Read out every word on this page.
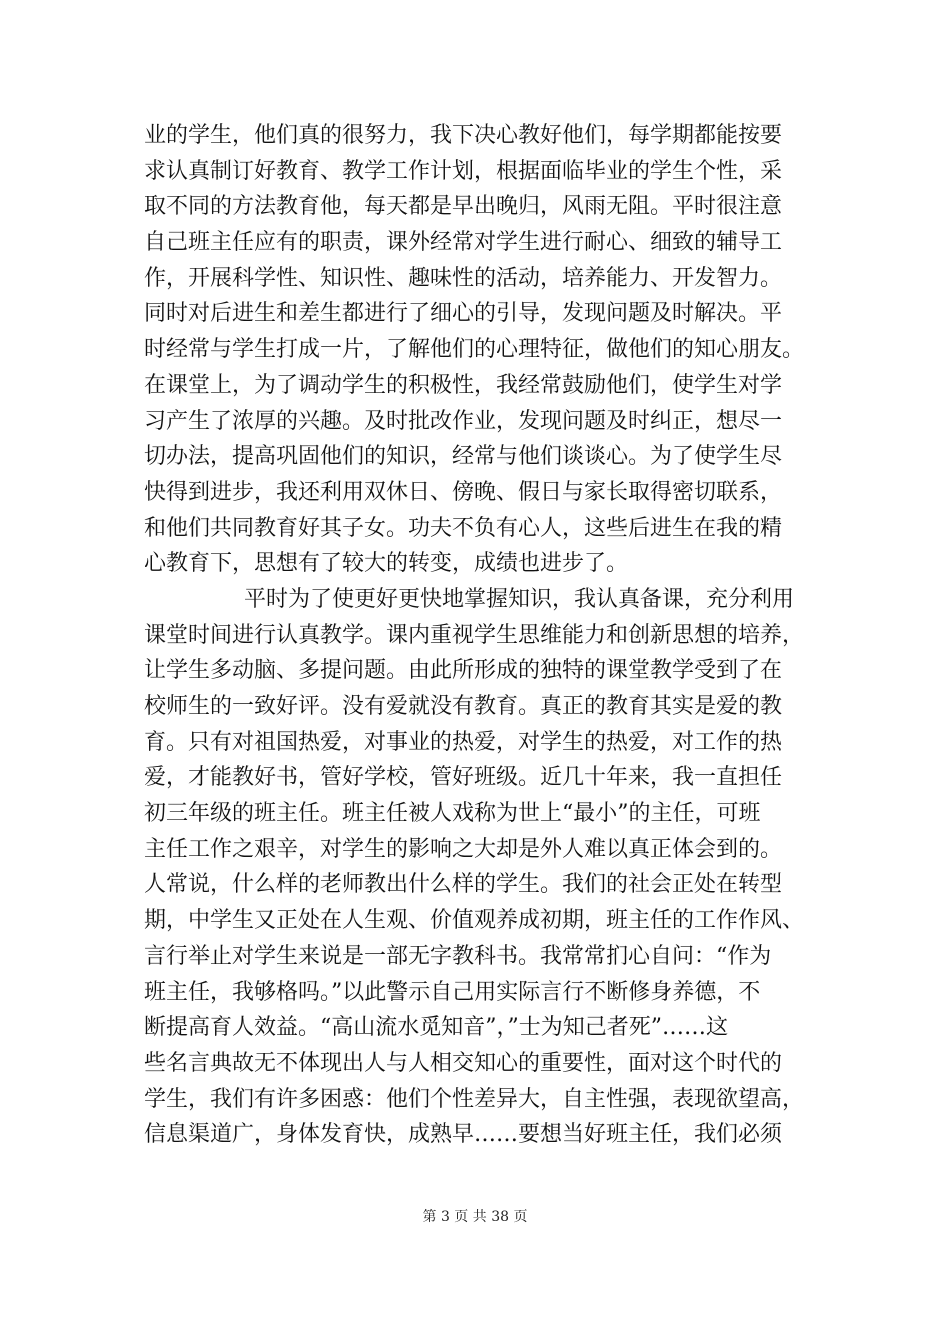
业的学生，他们真的很努力，我下决心教好他们，每学期都能按要
求认真制订好教育、教学工作计划，根据面临毕业的学生个性，采
取不同的方法教育他，每天都是早出晚归，风雨无阻。平时很注意
自己班主任应有的职责，课外经常对学生进行耐心、细致的辅导工
作，开展科学性、知识性、趣味性的活动，培养能力、开发智力。
同时对后进生和差生都进行了细心的引导，发现问题及时解决。平
时经常与学生打成一片，了解他们的心理特征，做他们的知心朋友。
在课堂上，为了调动学生的积极性，我经常鼓励他们，使学生对学
习产生了浓厚的兴趣。及时批改作业，发现问题及时纠正，想尽一
切办法，提高巩固他们的知识，经常与他们谈谈心。为了使学生尽
快得到进步，我还利用双休日、傍晚、假日与家长取得密切联系，
和他们共同教育好其子女。功夫不负有心人，这些后进生在我的精
心教育下，思想有了较大的转变，成绩也进步了。
平时为了使更好更快地掌握知识，我认真备课，充分利用
课堂时间进行认真教学。课内重视学生思维能力和创新思想的培养，
让学生多动脑、多提问题。由此所形成的独特的课堂教学受到了在
校师生的一致好评。没有爱就没有教育。真正的教育其实是爱的教
育。只有对祖国热爱，对事业的热爱，对学生的热爱，对工作的热
爱，才能教好书，管好学校，管好班级。近几十年来，我一直担任
初三年级的班主任。班主任被人戏称为世上“最小”的主任，可班
主任工作之艰辛，对学生的影响之大却是外人难以真正体会到的。
人常说，什么样的老师教出什么样的学生。我们的社会正处在转型
期，中学生又正处在人生观、价值观养成初期，班主任的工作作风、
言行举止对学生来说是一部无字教科书。我常常扪心自问：“作为
班主任，我够格吗。”以此警示自己用实际言行不断修身养德，不
断提高育人效益。“高山流水觅知音”，”士为知己者死”……这
些名言典故无不体现出人与人相交知心的重要性，面对这个时代的
学生，我们有许多困惑：他们个性差异大，自主性强，表现欲望高，
信息渠道广，身体发育快，成熟早……要想当好班主任，我们必须
第 3 页 共 38 页
